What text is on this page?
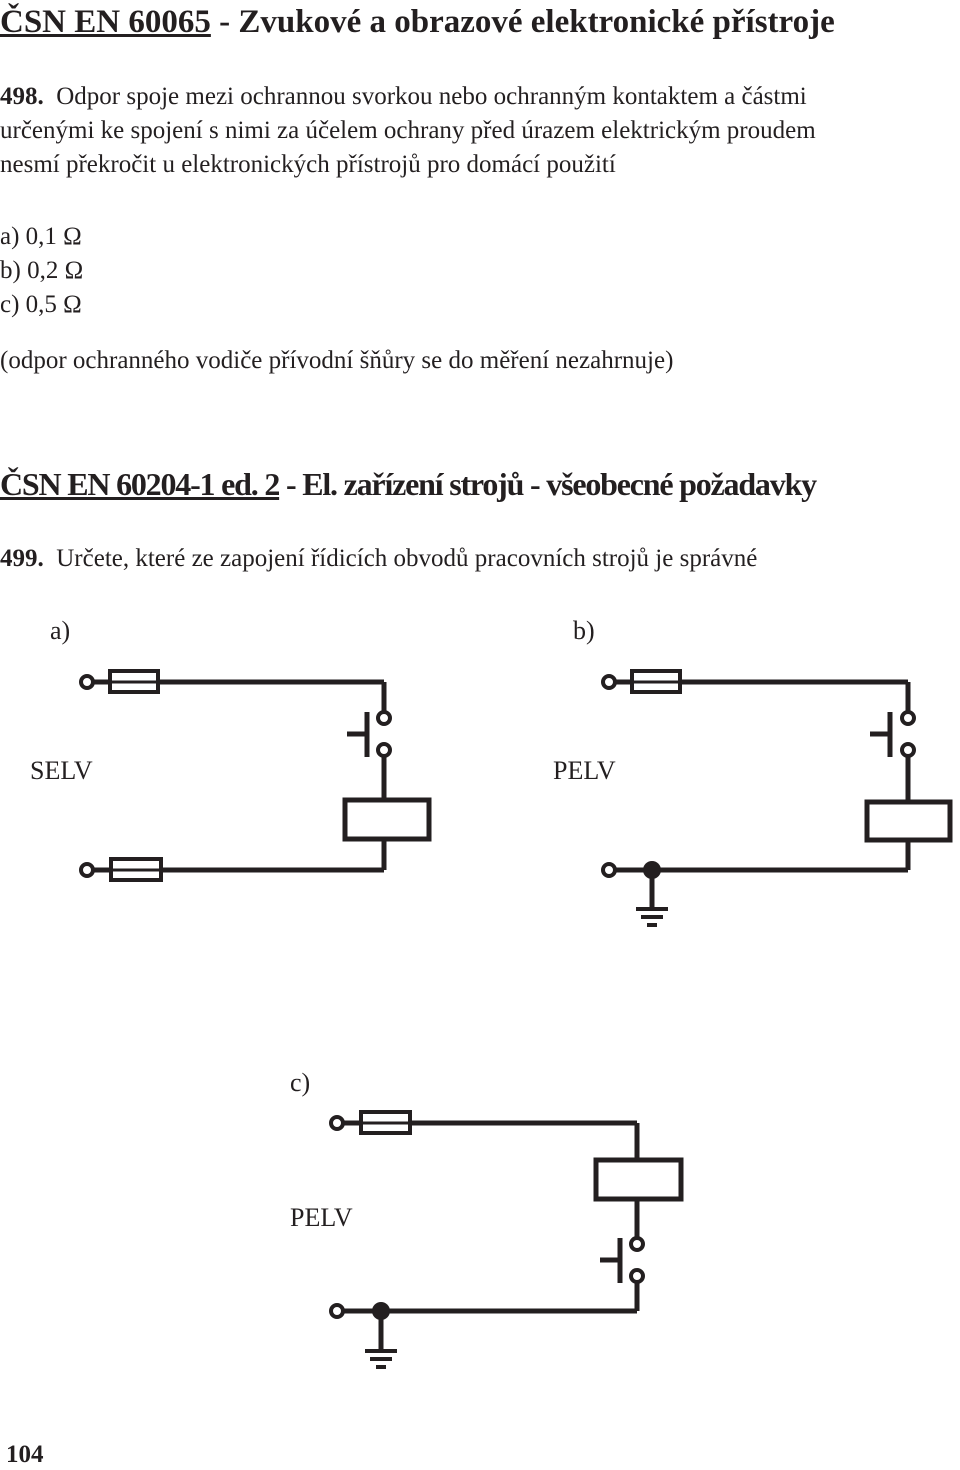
ČSN EN 60065 - Zvukové a obrazové elektronické přístroje
498. Odpor spoje mezi ochrannou svorkou nebo ochranným kontaktem a částmi
určenými ke spojení s nimi za účelem ochrany před úrazem elektrickým proudem
nesmí překročit u elektronických přístrojů pro domácí použití
a) 0,1 Ω
b) 0,2 Ω
c) 0,5 Ω
(odpor ochranného vodiče přívodní šňůry se do měření nezahrnuje)
ČSN EN 60204-1 ed. 2 - El. zařízení strojů - všeobecné požadavky
499. Určete, které ze zapojení řídicích obvodů pracovních strojů je správné
a)	b)
c)
SELV	PELV
PELV
104
